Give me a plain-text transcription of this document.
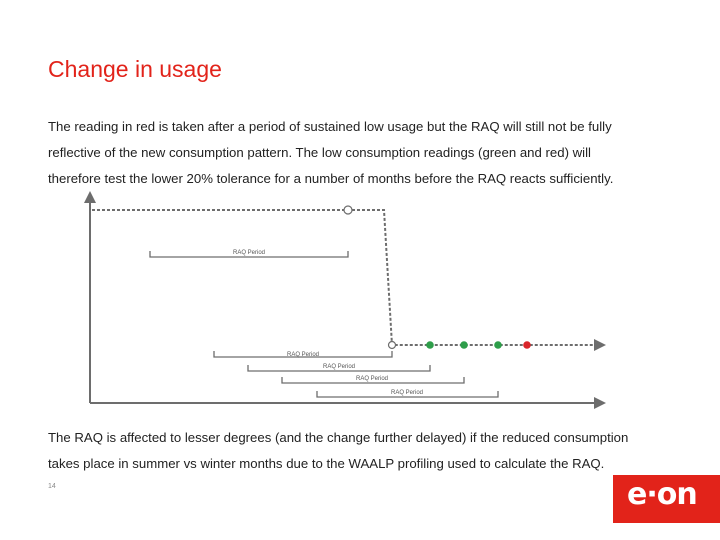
Change in usage
The reading in red is taken after a period of sustained low usage but the RAQ will still not be fully
reflective of the new consumption pattern. The low consumption readings (green and red) will
therefore test the lower 20% tolerance for a number of months before the RAQ reacts sufficiently.
RAQ Period
RAQ Period
RAQ Period
RAQ Period
RAQ Period
The RAQ is affected to lesser degrees (and the change further delayed) if the reduced consumption
takes place in summer vs winter months due to the WAALP profiling used to calculate the RAQ.
14	e·on
